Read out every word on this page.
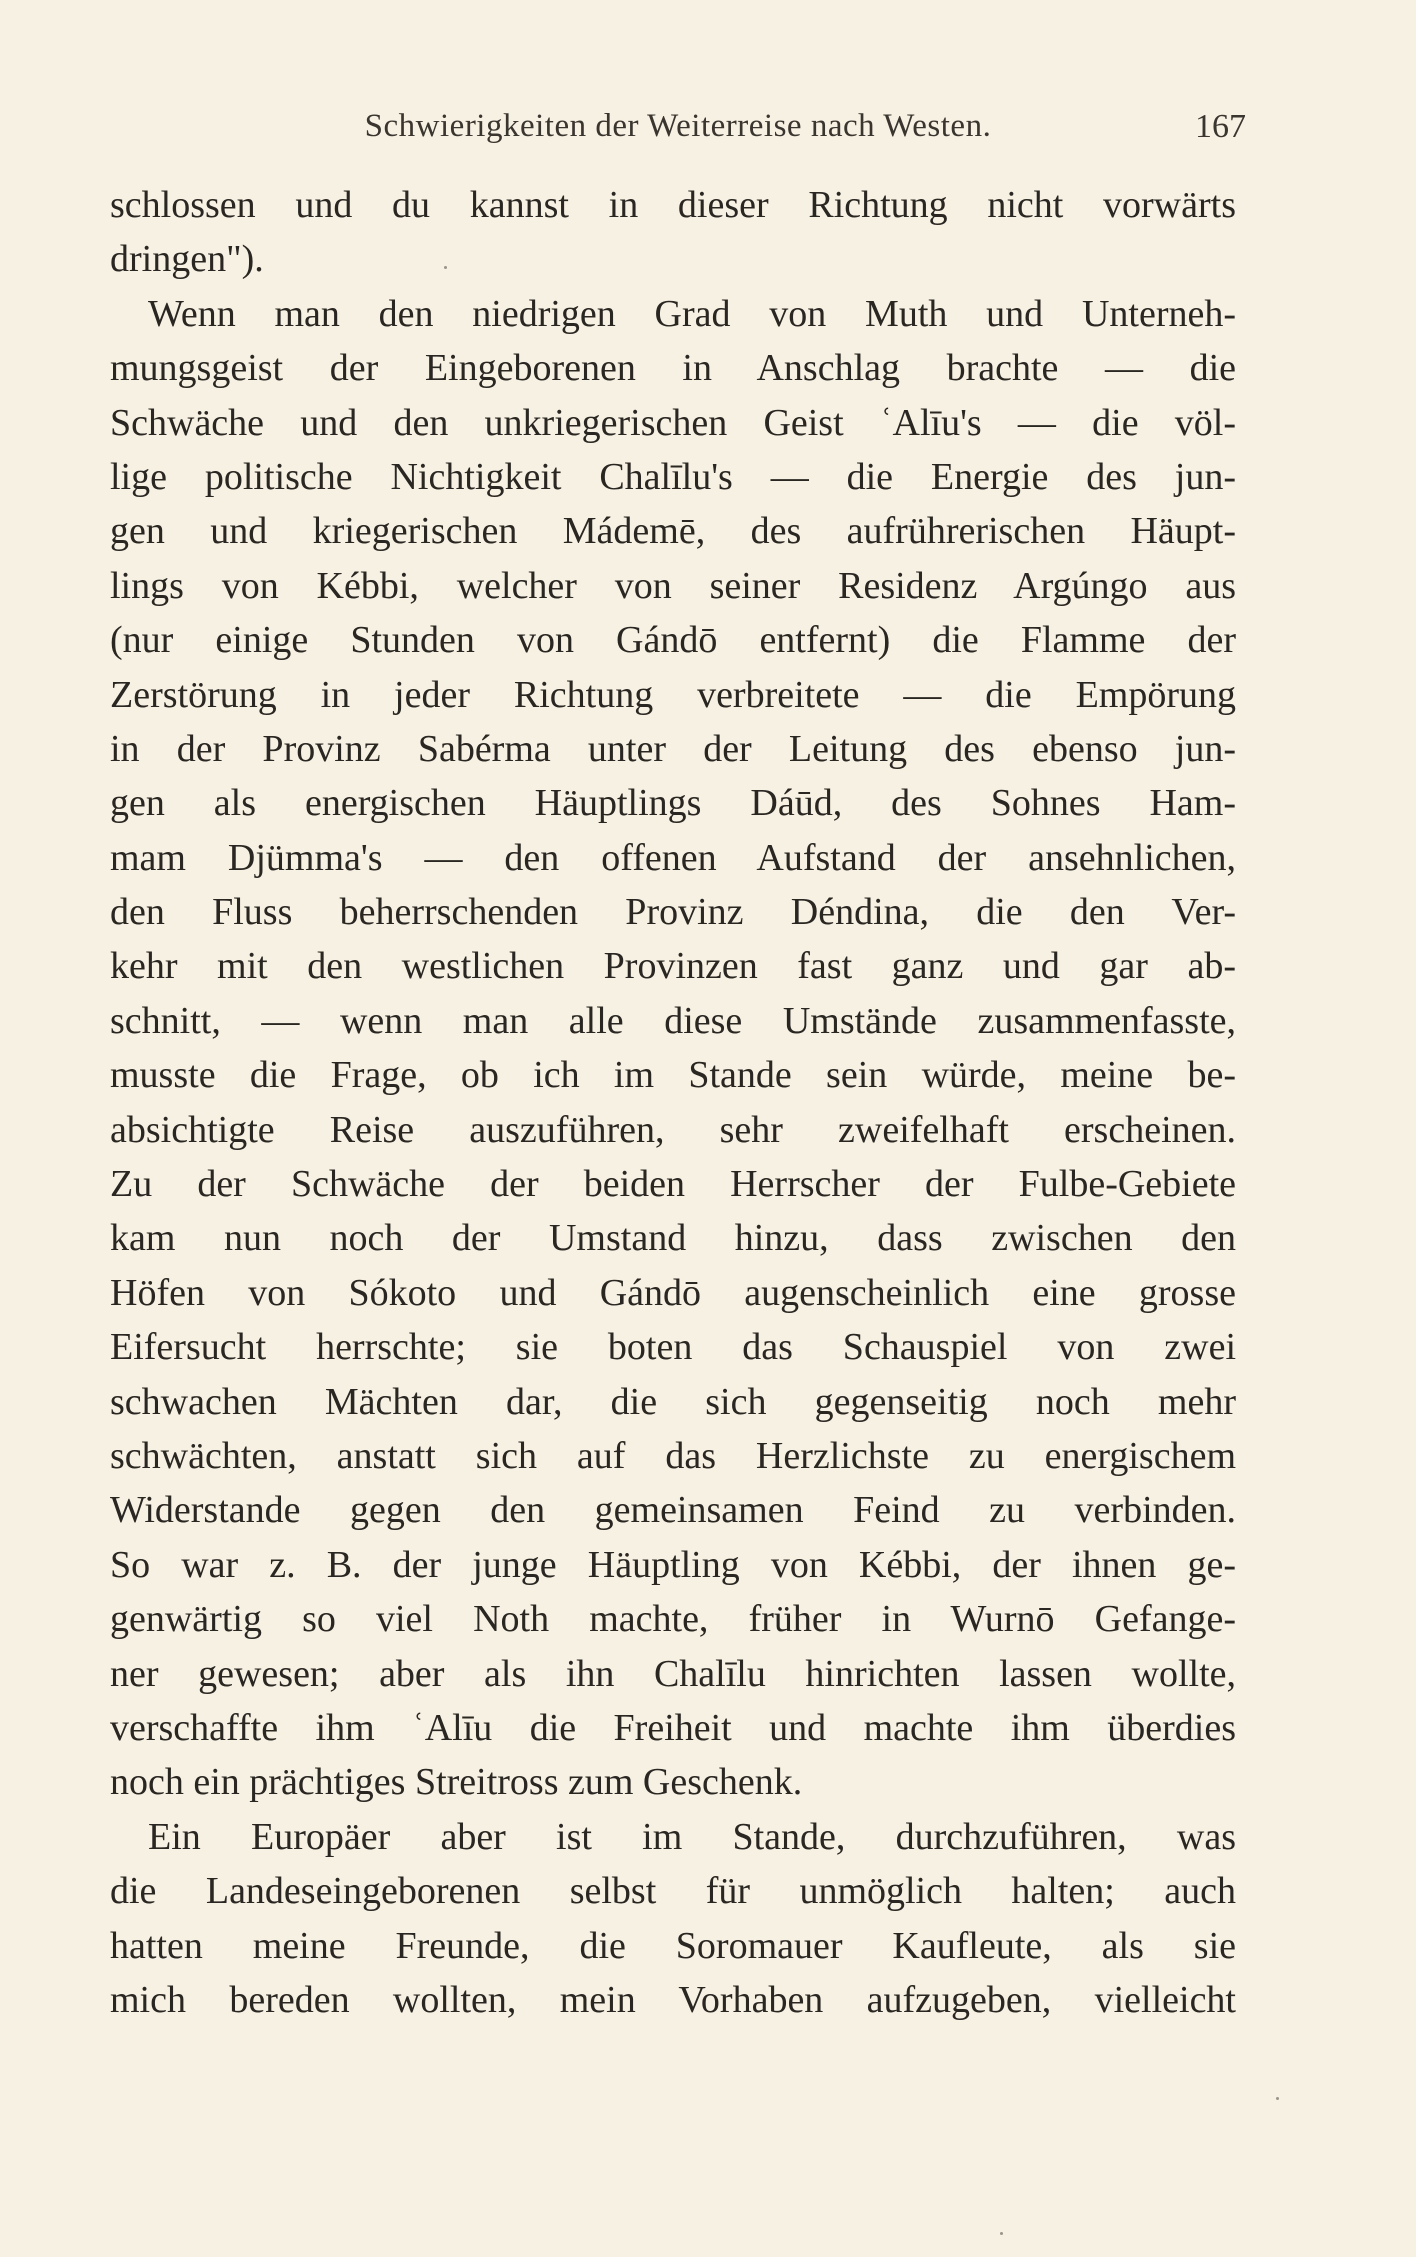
Schwierigkeiten der Weiterreise nach Westen.	167
schlossen und du kannst in dieser Richtung nicht vorwärts
dringen").
Wenn man den niedrigen Grad von Muth und Unterneh-
mungsgeist der Eingeborenen in Anschlag brachte — die
Schwäche und den unkriegerischen Geist ʿAlīu's — die völ-
lige politische Nichtigkeit Chalīlu's — die Energie des jun-
gen und kriegerischen Mádemē, des aufrührerischen Häupt-
lings von Kébbi, welcher von seiner Residenz Argúngo aus
(nur einige Stunden von Gándō entfernt) die Flamme der
Zerstörung in jeder Richtung verbreitete — die Empörung
in der Provinz Sabérma unter der Leitung des ebenso jun-
gen als energischen Häuptlings Dáūd, des Sohnes Ham-
mam Djümma's — den offenen Aufstand der ansehnlichen,
den Fluss beherrschenden Provinz Déndina, die den Ver-
kehr mit den westlichen Provinzen fast ganz und gar ab-
schnitt, — wenn man alle diese Umstände zusammenfasste,
musste die Frage, ob ich im Stande sein würde, meine be-
absichtigte Reise auszuführen, sehr zweifelhaft erscheinen.
Zu der Schwäche der beiden Herrscher der Fulbe-Gebiete
kam nun noch der Umstand hinzu, dass zwischen den
Höfen von Sókoto und Gándō augenscheinlich eine grosse
Eifersucht herrschte; sie boten das Schauspiel von zwei
schwachen Mächten dar, die sich gegenseitig noch mehr
schwächten, anstatt sich auf das Herzlichste zu energischem
Widerstande gegen den gemeinsamen Feind zu verbinden.
So war z. B. der junge Häuptling von Kébbi, der ihnen ge-
genwärtig so viel Noth machte, früher in Wurnō Gefange-
ner gewesen; aber als ihn Chalīlu hinrichten lassen wollte,
verschaffte ihm ʿAlīu die Freiheit und machte ihm überdies
noch ein prächtiges Streitross zum Geschenk.
Ein Europäer aber ist im Stande, durchzuführen, was
die Landeseingeborenen selbst für unmöglich halten; auch
hatten meine Freunde, die Soromauer Kaufleute, als sie
mich bereden wollten, mein Vorhaben aufzugeben, vielleicht
